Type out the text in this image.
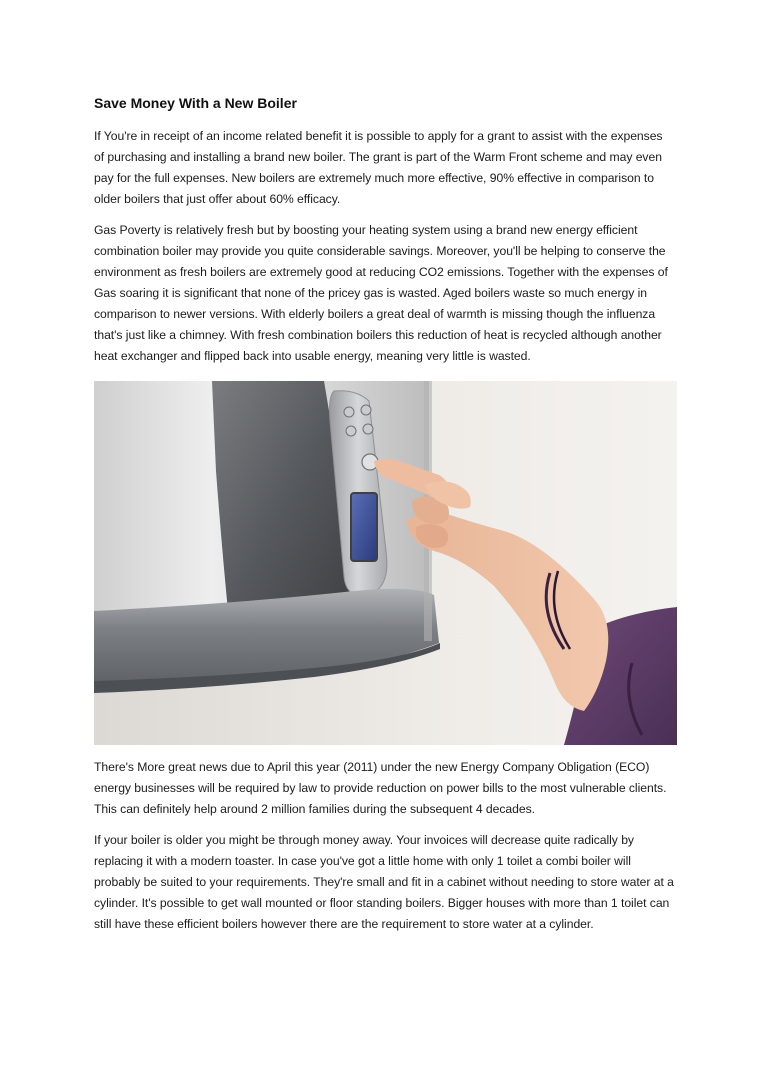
Save Money With a New Boiler

If You're in receipt of an income related benefit it is possible to apply for a grant to assist with the expenses of purchasing and installing a brand new boiler. The grant is part of the Warm Front scheme and may even pay for the full expenses. New boilers are extremely much more effective, 90% effective in comparison to older boilers that just offer about 60% efficacy.

Gas Poverty is relatively fresh but by boosting your heating system using a brand new energy efficient combination boiler may provide you quite considerable savings. Moreover, you'll be helping to conserve the environment as fresh boilers are extremely good at reducing CO2 emissions. Together with the expenses of Gas soaring it is significant that none of the pricey gas is wasted. Aged boilers waste so much energy in comparison to newer versions. With elderly boilers a great deal of warmth is missing though the influenza that's just like a chimney. With fresh combination boilers this reduction of heat is recycled although another heat exchanger and flipped back into usable energy, meaning very little is wasted.

There's More great news due to April this year (2011) under the new Energy Company Obligation (ECO) energy businesses will be required by law to provide reduction on power bills to the most vulnerable clients. This can definitely help around 2 million families during the subsequent 4 decades.

If your boiler is older you might be through money away. Your invoices will decrease quite radically by replacing it with a modern toaster. In case you've got a little home with only 1 toilet a combi boiler will probably be suited to your requirements. They're small and fit in a cabinet without needing to store water at a cylinder. It's possible to get wall mounted or floor standing boilers. Bigger houses with more than 1 toilet can still have these efficient boilers however there are the requirement to store water at a cylinder.
